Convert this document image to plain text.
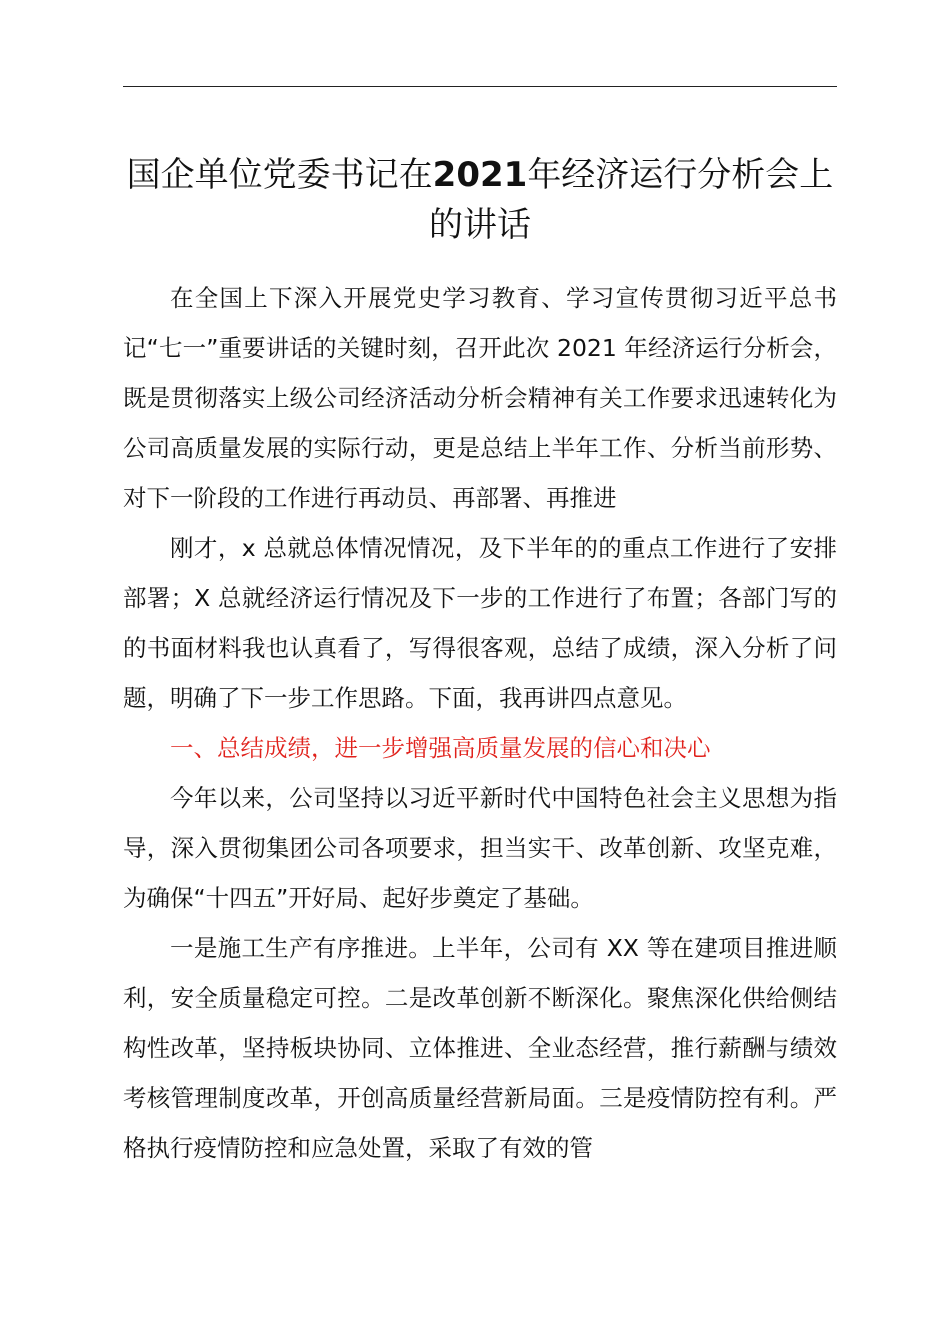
国企单位党委书记在2021年经济运行分析会上的讲话

在全国上下深入开展党史学习教育、学习宣传贯彻习近平总书记“七一”重要讲话的关键时刻，召开此次 2021 年经济运行分析会，既是贯彻落实上级公司经济活动分析会精神有关工作要求迅速转化为公司高质量发展的实际行动，更是总结上半年工作、分析当前形势、对下一阶段的工作进行再动员、再部署、再推进

刚才，x 总就总体情况情况，及下半年的的重点工作进行了安排部署；X 总就经济运行情况及下一步的工作进行了布置；各部门写的的书面材料我也认真看了，写得很客观，总结了成绩，深入分析了问题，明确了下一步工作思路。下面，我再讲四点意见。

一、总结成绩，进一步增强高质量发展的信心和决心

今年以来，公司坚持以习近平新时代中国特色社会主义思想为指导，深入贯彻集团公司各项要求，担当实干、改革创新、攻坚克难，为确保“十四五”开好局、起好步奠定了基础。

一是施工生产有序推进。上半年，公司有 XX 等在建项目推进顺利，安全质量稳定可控。二是改革创新不断深化。聚焦深化供给侧结构性改革，坚持板块协同、立体推进、全业态经营，推行薪酬与绩效考核管理制度改革，开创高质量经营新局面。三是疫情防控有利。严格执行疫情防控和应急处置，采取了有效的管
